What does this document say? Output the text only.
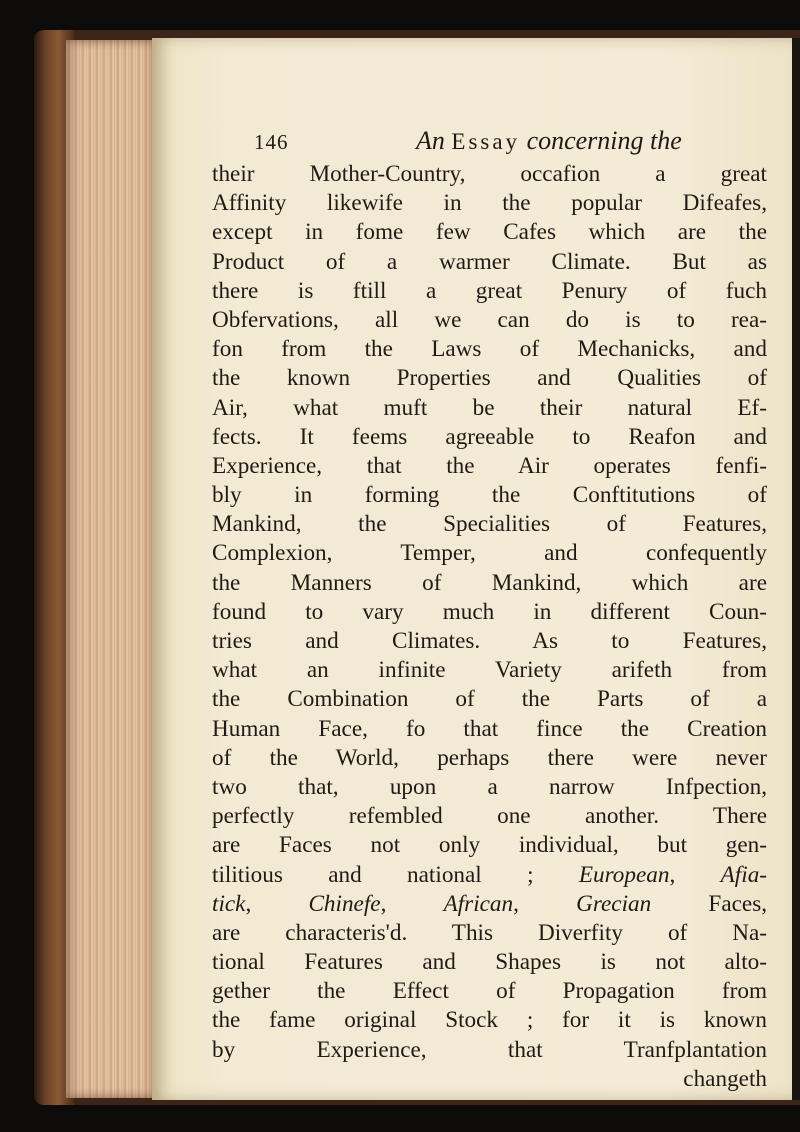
146	An Essay concerning the
their Mother-Country, occafion a great
Affinity likewife in the popular Difeafes,
except in fome few Cafes which are the
Product of a warmer Climate. But as
there is ftill a great Penury of fuch
Obfervations, all we can do is to rea-
fon from the Laws of Mechanicks, and
the known Properties and Qualities of
Air, what muft be their natural Ef-
fects. It feems agreeable to Reafon and
Experience, that the Air operates fenfi-
bly in forming the Conftitutions of
Mankind, the Specialities of Features,
Complexion, Temper, and confequently
the Manners of Mankind, which are
found to vary much in different Coun-
tries and Climates. As to Features,
what an infinite Variety arifeth from
the Combination of the Parts of a
Human Face, fo that fince the Creation
of the World, perhaps there were never
two that, upon a narrow Infpection,
perfectly refembled one another. There
are Faces not only individual, but gen-
tilitious and national ; European, Afia-
tick, Chinefe, African, Grecian Faces,
are characteris'd. This Diverfity of Na-
tional Features and Shapes is not alto-
gether the Effect of Propagation from
the fame original Stock ; for it is known
by Experience, that Tranfplantation
changeth
